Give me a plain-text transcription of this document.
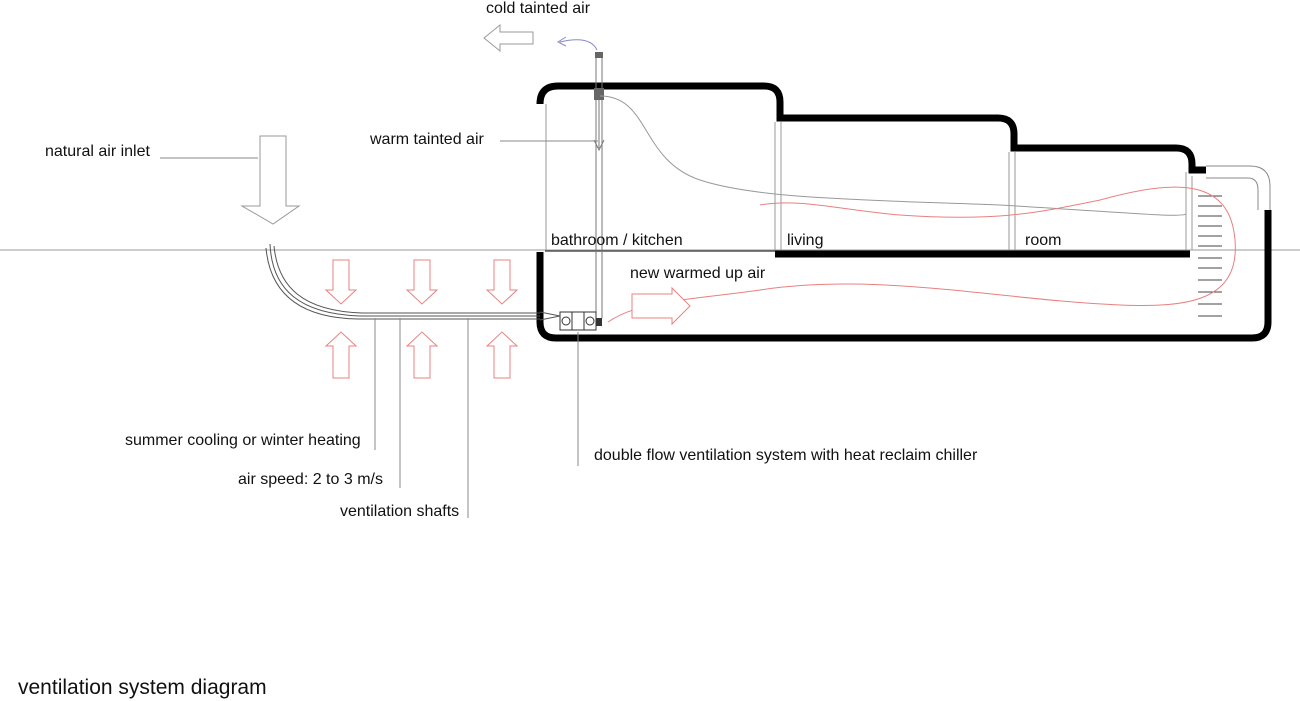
cold tainted air
warm tainted air
natural air inlet
bathroom / kitchen	living	room
new warmed up air
summer cooling or winter heating
air speed: 2 to 3 m/s
ventilation shafts
double flow ventilation system with heat reclaim chiller
ventilation system diagram
